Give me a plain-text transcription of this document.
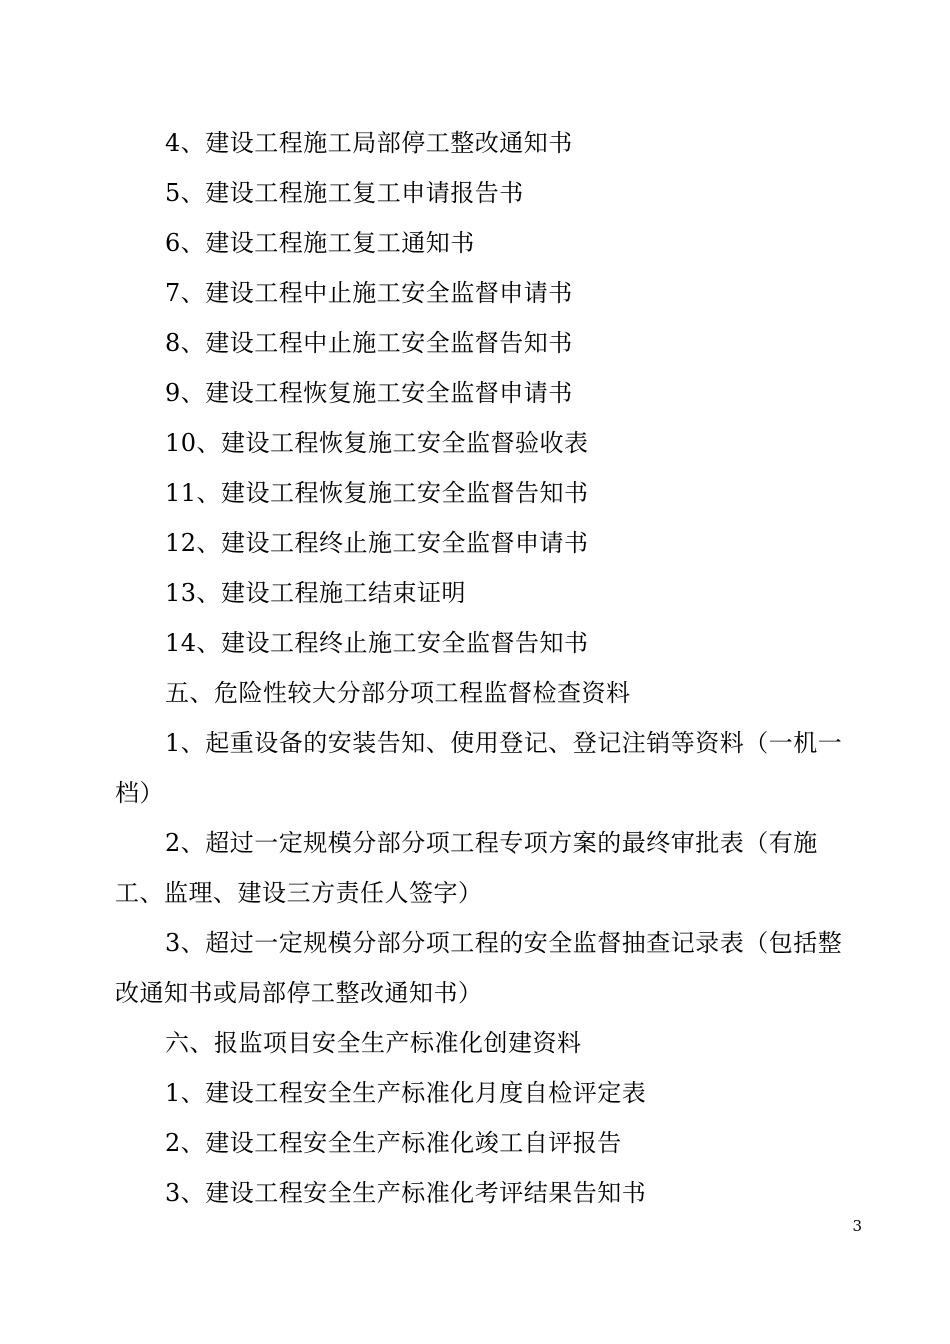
4、建设工程施工局部停工整改通知书

5、建设工程施工复工申请报告书

6、建设工程施工复工通知书

7、建设工程中止施工安全监督申请书

8、建设工程中止施工安全监督告知书

9、建设工程恢复施工安全监督申请书

10、建设工程恢复施工安全监督验收表

11、建设工程恢复施工安全监督告知书

12、建设工程终止施工安全监督申请书

13、建设工程施工结束证明

14、建设工程终止施工安全监督告知书

五、危险性较大分部分项工程监督检查资料

1、起重设备的安装告知、使用登记、登记注销等资料（一机一档）

2、超过一定规模分部分项工程专项方案的最终审批表（有施工、监理、建设三方责任人签字）

3、超过一定规模分部分项工程的安全监督抽查记录表（包括整改通知书或局部停工整改通知书）

六、报监项目安全生产标准化创建资料

1、建设工程安全生产标准化月度自检评定表

2、建设工程安全生产标准化竣工自评报告

3、建设工程安全生产标准化考评结果告知书

3
